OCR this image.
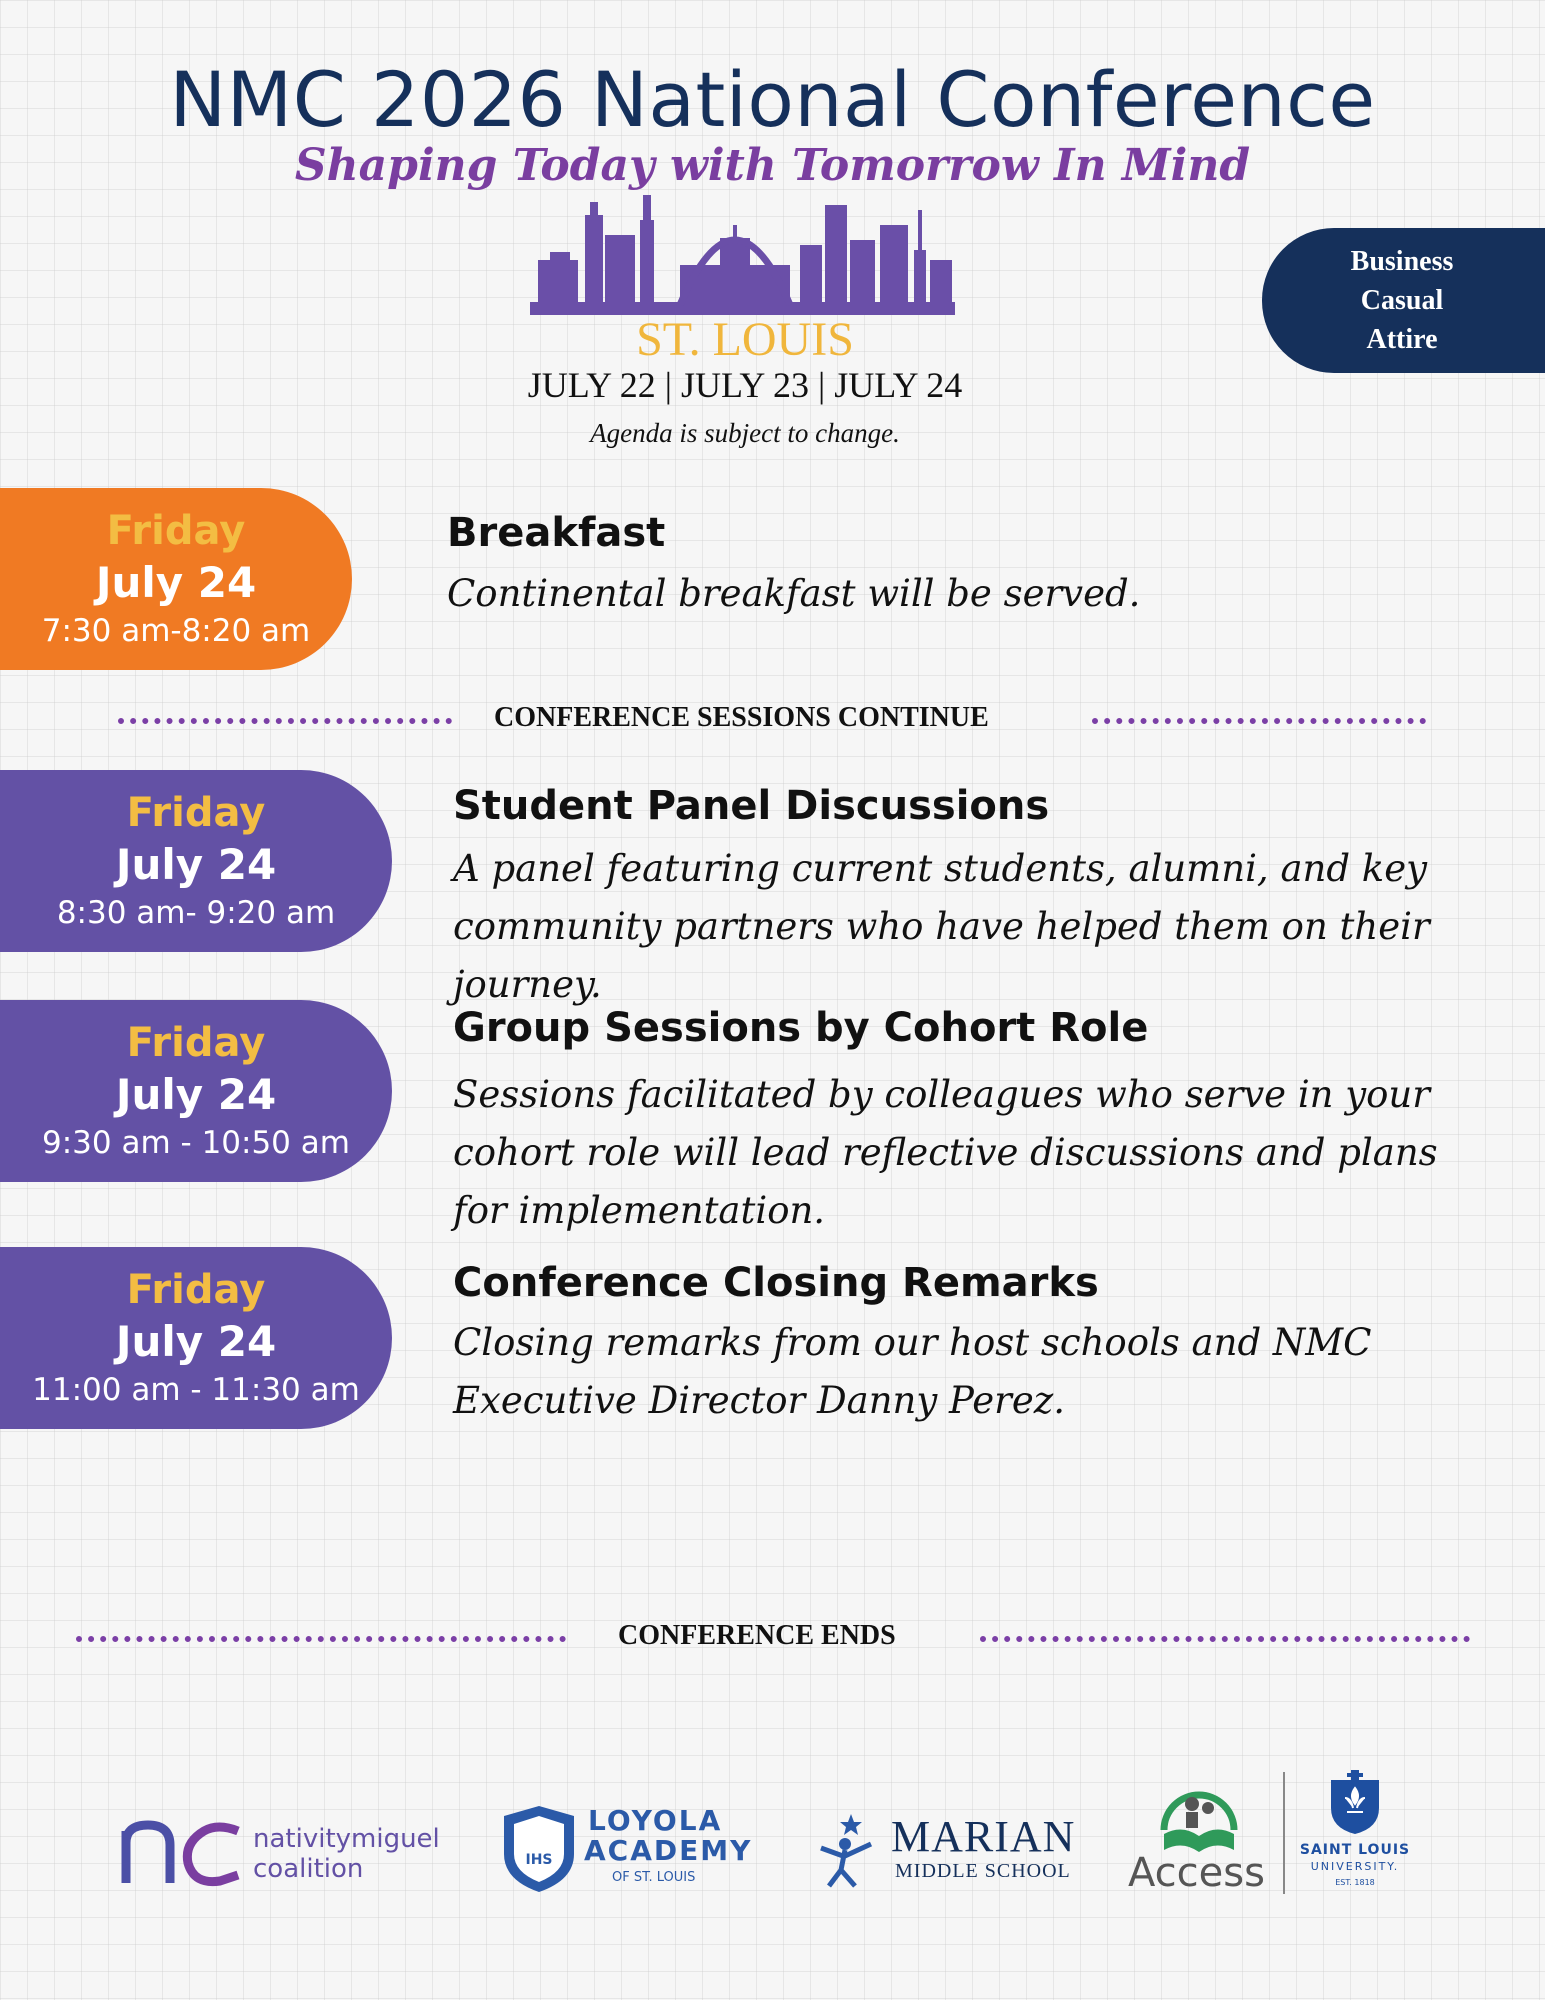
NMC 2026 National Conference
Shaping Today with Tomorrow In Mind
ST. LOUIS
JULY 22 | JULY 23 | JULY 24
Agenda is subject to change.
Business
Casual
Attire
Friday
July 24
7:30 am-8:20 am
Breakfast
Continental breakfast will be served.
CONFERENCE SESSIONS CONTINUE
Friday
July 24
8:30 am- 9:20 am
Student Panel Discussions
A panel featuring current students, alumni, and key community partners who have helped them on their journey.
Friday
July 24
9:30 am - 10:50 am
Group Sessions by Cohort Role
Sessions facilitated by colleagues who serve in your cohort role will lead reflective discussions and plans for implementation.
Friday
July 24
11:00 am - 11:30 am
Conference Closing Remarks
Closing remarks from our host schools and NMC Executive Director Danny Perez.
CONFERENCE ENDS
nativitymiguel
coalition	IHS
LOYOLA
ACADEMY
OF ST. LOUIS
MARIAN
MIDDLE SCHOOL Access	SAINT LOUIS
UNIVERSITY.
EST. 1818
